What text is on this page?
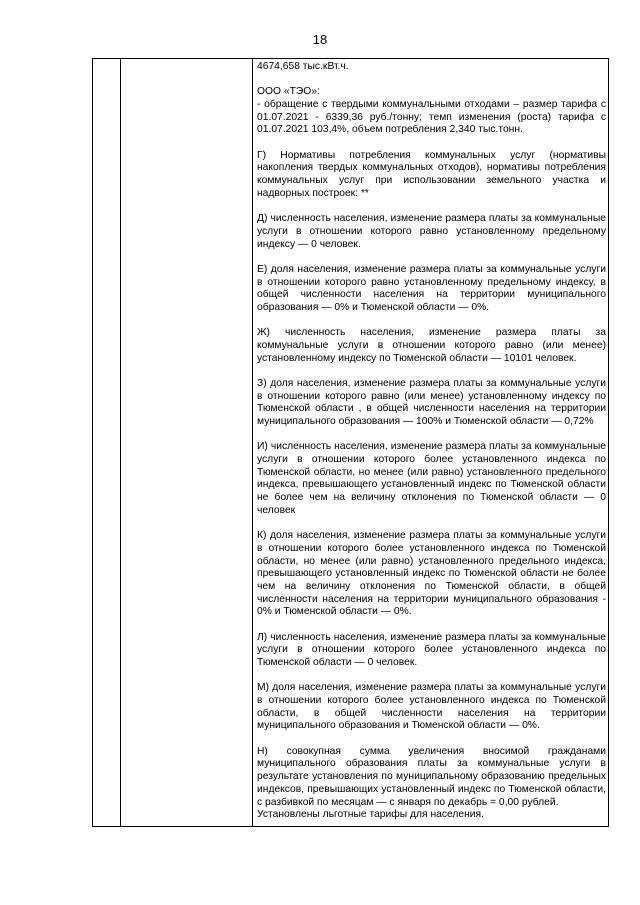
18

4674,658 тыс.кВт.ч.

ООО «ТЭО»:

- обращение с твердыми коммунальными отходами – размер тарифа с 01.07.2021 - 6339,36 руб./тонну; темп изменения (роста) тарифа с 01.07.2021 103,4%, объем потребления 2,340 тыс.тонн.

Г) Нормативы потребления коммунальных услуг (нормативы накопления твердых коммунальных отходов), нормативы потребления коммунальных услуг при использовании земельного участка и надворных построек: **

Д) численность населения, изменение размера платы за коммунальные услуги в отношении которого равно установленному предельному индексу — 0 человек.

Е) доля населения, изменение размера платы за коммунальные услуги в отношении которого равно установленному предельному индексу, в общей численности населения на территории муниципального образования — 0% и Тюменской области — 0%.

Ж) численность населения, изменение размера платы за коммунальные услуги в отношении которого равно (или менее) установленному индексу по Тюменской области — 10101 человек.

З) доля населения, изменение размера платы за коммунальные услуги в отношении которого равно (или менее) установленному индексу по Тюменской области , в общей численности населения на территории муниципального образования — 100% и Тюменской области — 0,72%

И) численность населения, изменение размера платы за коммунальные услуги в отношении которого более установленного индекса по Тюменской области, но менее (или равно) установленного предельного индекса, превышающего установленный индекс по Тюменской области не более чем на величину отклонения по Тюменской области — 0 человек

К) доля населения, изменение размера платы за коммунальные услуги в отношении которого более установленного индекса по Тюменской области, но менее (или равно) установленного предельного индекса, превышающего установленный индекс по Тюменской области не более чем на величину отклонения по Тюменской области, в общей численности населения на территории муниципального образования - 0% и Тюменской области — 0%.

Л) численность населения, изменение размера платы за коммунальные услуги в отношении которого более установленного индекса по Тюменской области — 0 человек.

М) доля населения, изменение размера платы за коммунальные услуги в отношении которого более установленного индекса по Тюменской области, в общей численности населения на территории муниципального образования и Тюменской области — 0%.

Н) совокупная сумма увеличения вносимой гражданами муниципального образования платы за коммунальные услуги в результате установления по муниципальному образованию предельных индексов, превышающих установленный индекс по Тюменской области, с разбивкой по месяцам — с января по декабрь = 0,00 рублей.

Установлены льготные тарифы для населения.
